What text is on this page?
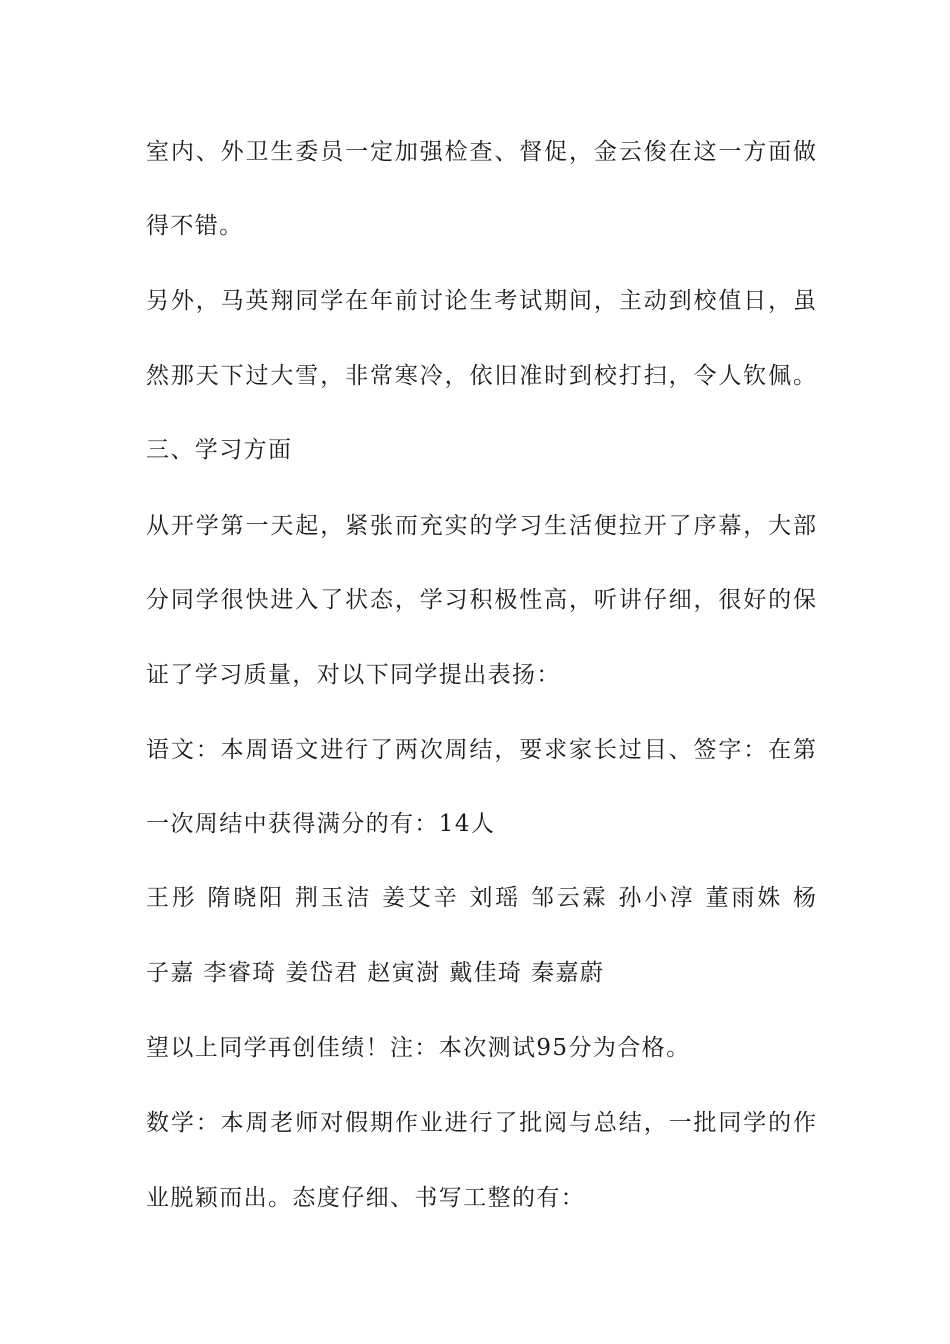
室内、外卫生委员一定加强检查、督促，金云俊在这一方面做
得不错。
另外，马英翔同学在年前讨论生考试期间，主动到校值日，虽
然那天下过大雪，非常寒冷，依旧准时到校打扫，令人钦佩。
三、学习方面
从开学第一天起，紧张而充实的学习生活便拉开了序幕，大部
分同学很快进入了状态，学习积极性高，听讲仔细，很好的保
证了学习质量，对以下同学提出表扬：
语文：本周语文进行了两次周结，要求家长过目、签字：在第
一次周结中获得满分的有：14人
王彤 隋晓阳 荆玉洁 姜艾辛 刘瑶 邹云霖 孙小淳 董雨姝 杨
子嘉 李睿琦 姜岱君 赵寅澍 戴佳琦 秦嘉蔚
望以上同学再创佳绩！注：本次测试95分为合格。
数学：本周老师对假期作业进行了批阅与总结，一批同学的作
业脱颖而出。态度仔细、书写工整的有：
